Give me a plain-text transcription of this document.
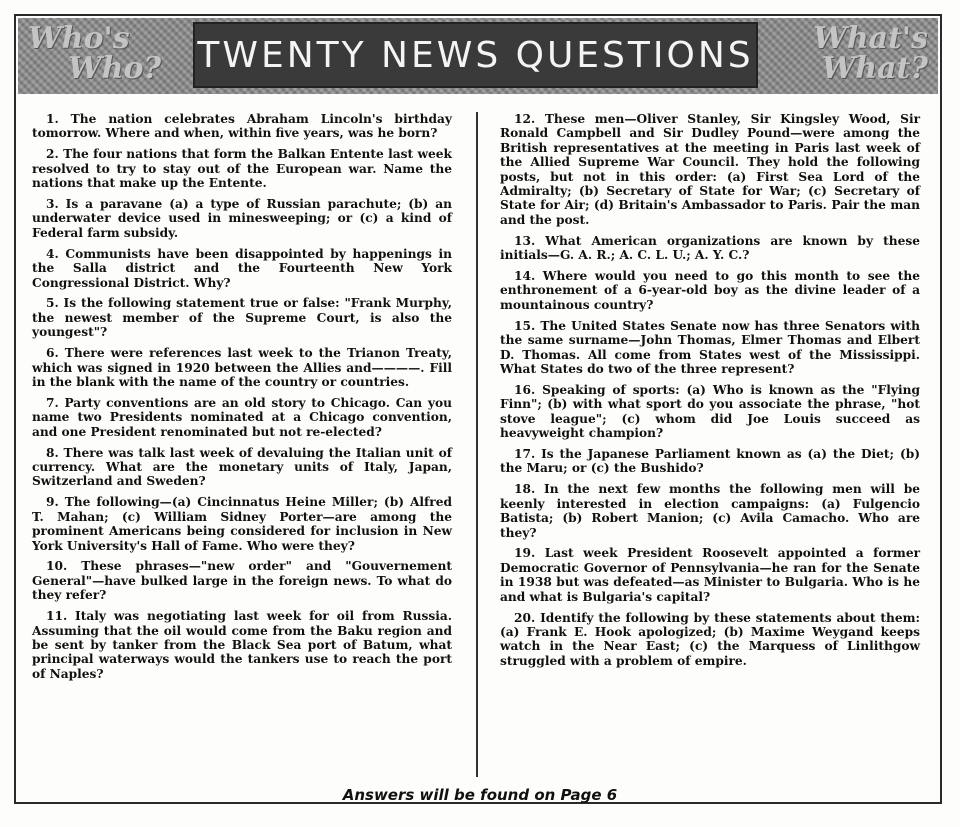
Who's
Who?	TWENTY NEWS QUESTIONS	What's
What?

1. The nation celebrates Abraham Lincoln's birthday tomorrow. Where and when, within five years, was he born?

2. The four nations that form the Balkan Entente last week resolved to try to stay out of the European war. Name the nations that make up the Entente.

3. Is a paravane (a) a type of Russian parachute; (b) an underwater device used in minesweeping; or (c) a kind of Federal farm subsidy.

4. Communists have been disappointed by happenings in the Salla district and the Fourteenth New York Congressional District. Why?

5. Is the following statement true or false: "Frank Murphy, the newest member of the Supreme Court, is also the youngest"?

6. There were references last week to the Trianon Treaty, which was signed in 1920 between the Allies and————. Fill in the blank with the name of the country or countries.

7. Party conventions are an old story to Chicago. Can you name two Presidents nominated at a Chicago convention, and one President renominated but not re-elected?

8. There was talk last week of devaluing the Italian unit of currency. What are the monetary units of Italy, Japan, Switzerland and Sweden?

9. The following—(a) Cincinnatus Heine Miller; (b) Alfred T. Mahan; (c) William Sidney Porter—are among the prominent Americans being considered for inclusion in New York University's Hall of Fame. Who were they?

10. These phrases—"new order" and "Gouvernement General"—have bulked large in the foreign news. To what do they refer?

11. Italy was negotiating last week for oil from Russia. Assuming that the oil would come from the Baku region and be sent by tanker from the Black Sea port of Batum, what principal waterways would the tankers use to reach the port of Naples?

12. These men—Oliver Stanley, Sir Kingsley Wood, Sir Ronald Campbell and Sir Dudley Pound—were among the British representatives at the meeting in Paris last week of the Allied Supreme War Council. They hold the following posts, but not in this order: (a) First Sea Lord of the Admiralty; (b) Secretary of State for War; (c) Secretary of State for Air; (d) Britain's Ambassador to Paris. Pair the man and the post.

13. What American organizations are known by these initials—G. A. R.; A. C. L. U.; A. Y. C.?

14. Where would you need to go this month to see the enthronement of a 6-year-old boy as the divine leader of a mountainous country?

15. The United States Senate now has three Senators with the same surname—John Thomas, Elmer Thomas and Elbert D. Thomas. All come from States west of the Mississippi. What States do two of the three represent?

16. Speaking of sports: (a) Who is known as the "Flying Finn"; (b) with what sport do you associate the phrase, "hot stove league"; (c) whom did Joe Louis succeed as heavyweight champion?

17. Is the Japanese Parliament known as (a) the Diet; (b) the Maru; or (c) the Bushido?

18. In the next few months the following men will be keenly interested in election campaigns: (a) Fulgencio Batista; (b) Robert Manion; (c) Avila Camacho. Who are they?

19. Last week President Roosevelt appointed a former Democratic Governor of Pennsylvania—he ran for the Senate in 1938 but was defeated—as Minister to Bulgaria. Who is he and what is Bulgaria's capital?

20. Identify the following by these statements about them: (a) Frank E. Hook apologized; (b) Maxime Weygand keeps watch in the Near East; (c) the Marquess of Linlithgow struggled with a problem of empire.

Answers will be found on Page 6
